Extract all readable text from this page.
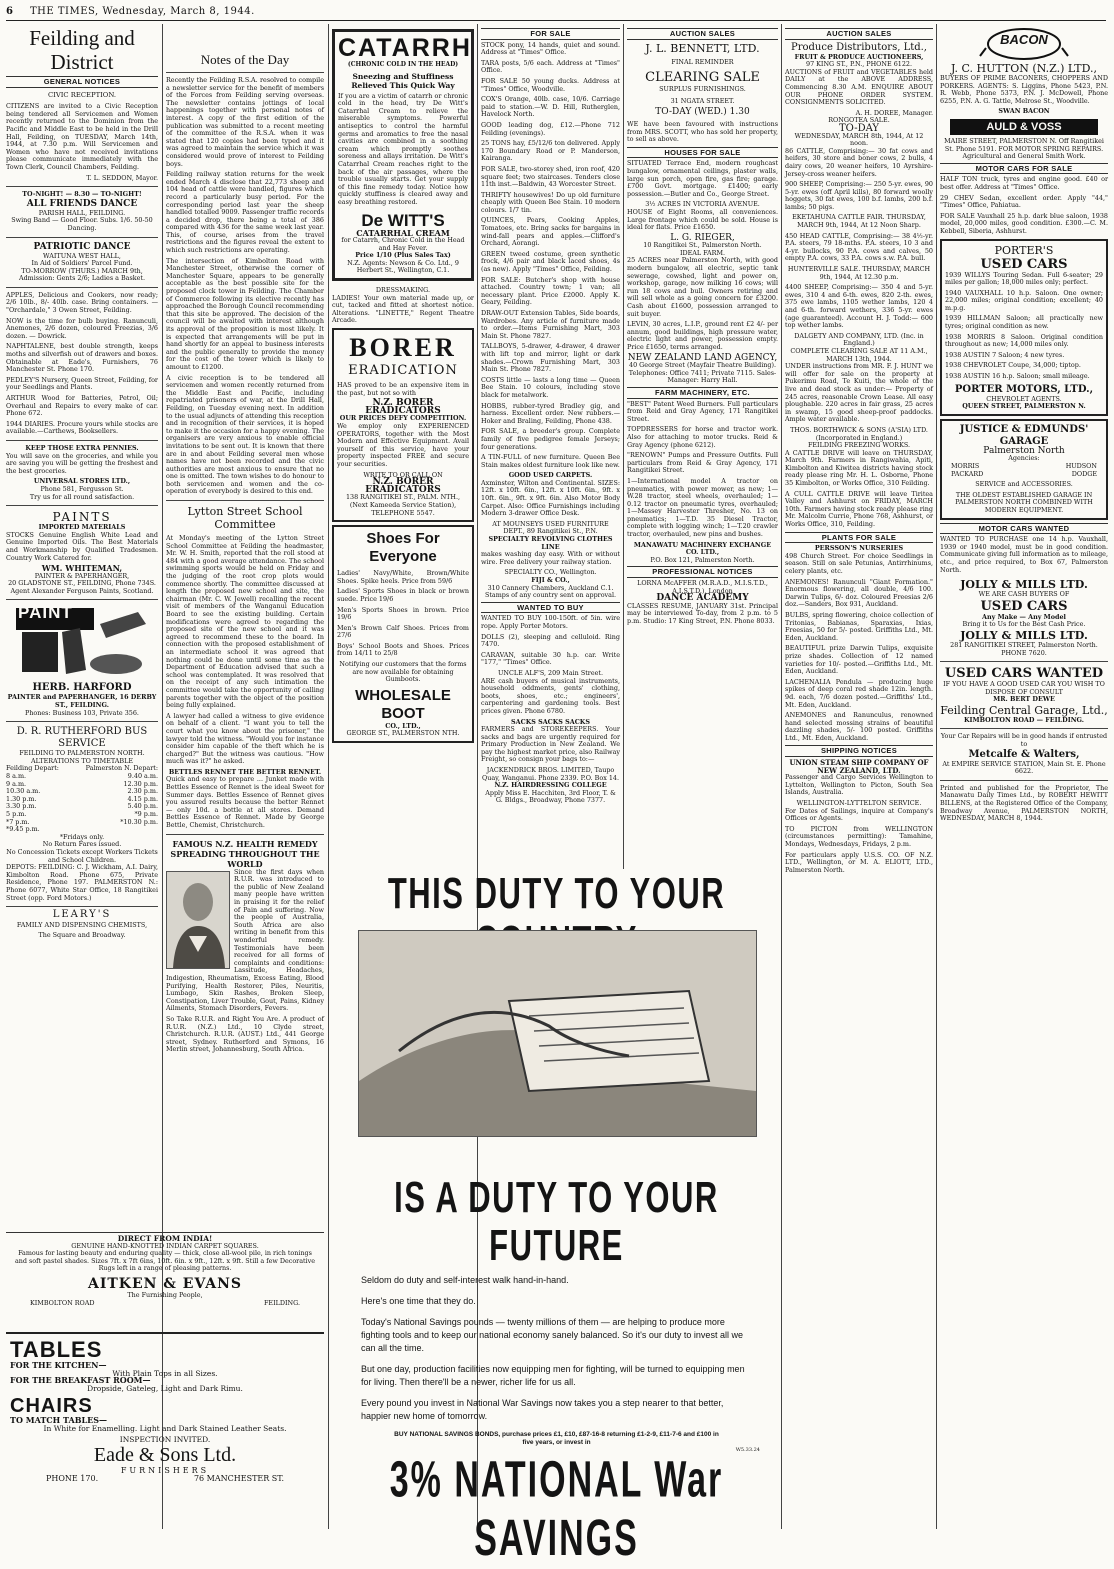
6 THE TIMES, Wednesday, March 8, 1944.
Feilding and District
GENERAL NOTICES
CIVIC RECEPTION.
CITIZENS are invited to a Civic Reception being tendered all Servicemen and Women recently returned to the Dominion from the Pacific and Middle East to be held in the Drill Hall, Feilding, on TUESDAY, March 14th, 1944, at 7.30 p.m. Will Servicemen and Women who have not received invitations please communicate immediately with the Town Clerk, Council Chambers, Feilding.
T. L. SEDDON, Mayor.
TO-NIGHT! — 8.30 — TO-NIGHT!
ALL FRIENDS DANCE
PARISH HALL, FEILDING.
Swing Band — Good Floor. Subs. 1/6. 50-50 Dancing.
PATRIOTIC DANCE
WAITUNA WEST HALL,
In Aid of Soldiers' Parcel Fund.
TO-MORROW (THURS.) MARCH 9th,
Admission: Gents 2/6; Ladies a Basket.
APPLES, Delicious and Cookers, now ready; 2/6 10lb., 8/- 40lb. case. Bring containers. — "Orchardale," 3 Owen Street, Feilding.
NOW is the time for bulb buying. Ranunculi, Anemones, 2/6 dozen, coloured Freezias, 3/6 dozen. — Dowrick.
NAPHTALENE, best double strength, keeps moths and silverfish out of drawers and boxes. Obtainable at Eade's, Furnishers, 76 Manchester St. Phone 170.
PEDLEY'S Nursery, Queen Street, Feilding, for your Seedlings and Plants.
ARTHUR Wood for Batteries, Petrol, Oil; Overhaul and Repairs to every make of car. Phone 672.
1944 DIARIES. Procure yours while stocks are available.—Carthews, Booksellers.
KEEP THOSE EXTRA PENNIES.
You will save on the groceries, and while you are saving you will be getting the freshest and the best groceries.
UNIVERSAL STORES LTD.,
Phone 581, Fergusson St.
Try us for all round satisfaction.
PAINTS
IMPORTED MATERIALS
STOCKS Genuine English White Lead and Genuine Imported Oils. The Best Materials and Workmanship by Qualified Tradesmen. Country Work Catered for.
WM. WHITEMAN,
PAINTER & PAPERHANGER,
20 GLADSTONE ST., FEILDING, Phone 734S.
Agent Alexander Ferguson Paints, Scotland.
PAINT
HERB. HARFORD
PAINTER and PAPERHANGER, 16 DERBY ST., FEILDING.
Phones: Business 103, Private 356.
D. R. RUTHERFORD BUS SERVICE
FEILDING TO PALMERSTON NORTH.
ALTERATIONS TO TIMETABLE
Feilding Depart:	Palmerston N. Depart:
8 a.m.	9.40 a.m.
9 a.m.	12.30 p.m.
10.30 a.m.	2.30 p.m.
1.30 p.m.	4.15 p.m.
3.30 p.m.	5.40 p.m.
5 p.m.	*9 p.m.
*7 p.m.	*10.30 p.m.
*9.45 p.m.	
*Fridays only.
No Return Fares issued.
No Concession Tickets except Workers Tickets and School Children.
DEPOTS: FEILDING: C. J. Wickham, A.I. Dairy, Kimbolton Road. Phone 675, Private Residence, Phone 197. PALMERSTON N.: Phone 6077, White Star Office, 18 Rangitikei Street (opp. Ford Motors.)
LEARY'S
FAMILY AND DISPENSING CHEMISTS,
The Square and Broadway.
Notes of the Day
Recently the Feilding R.S.A. resolved to compile a newsletter service for the benefit of members of the Forces from Feilding serving overseas. The newsletter contains jottings of local happenings together with personal notes of interest. A copy of the first edition of the publication was submitted to a recent meeting of the committee of the R.S.A. when it was stated that 120 copies had been typed and it was agreed to maintain the service which it was considered would prove of interest to Feilding boys.
Feilding railway station returns for the week ended March 4 disclose that 22,773 sheep and 104 head of cattle were handled, figures which record a particularly busy period. For the corresponding period last year the sheep handled totalled 9009. Passenger traffic records a decided drop, there being a total of 386 compared with 436 for the same week last year. This, of course, arises from the travel restrictions and the figures reveal the extent to which such restrictions are operating.
The intersection of Kimbolton Road with Manchester Street, otherwise the corner of Manchester Square, appears to be generally acceptable as the best possible site for the proposed clock tower in Feilding. The Chamber of Commerce following its elective recently has approached the Borough Council recommending that this site be approved. The decision of the council will be awaited with interest although its approval of the proposition is most likely. It is expected that arrangements will be put in hand shortly for an appeal to business interests and the public generally to provide the money for the cost of the tower which is likely to amount to £1200.
A civic reception is to be tendered all servicemen and women recently returned from the Middle East and Pacific, including repatriated prisoners of war, at the Drill Hall, Feilding, on Tuesday evening next. In addition to the usual adjuncts of attending this reception and in recognition of their services, it is hoped to make it the occasion for a happy evening. The organisers are very anxious to enable official invitations to be sent out. It is known that there are in and about Feilding several men whose names have not been recorded and the civic authorities are most anxious to ensure that no one is omitted. The town wishes to do honour to both servicemen and women and the co-operation of everybody is desired to this end.
Lytton Street School Committee
At Monday's meeting of the Lytton Street School Committee at Feilding the headmaster, Mr. W. H. Smith, reported that the roll stood at 484 with a good average attendance. The school swimming sports would be held on Friday and the judging of the root crop plots would commence shortly. The committee discussed at length the proposed new school and site, the chairman (Mr. C. W. Jewell) recalling the recent visit of members of the Wanganui Education Board to see the existing building. Certain modifications were agreed to regarding the proposed site of the new school and it was agreed to recommend these to the board. In connection with the proposed establishment of an intermediate school it was agreed that nothing could be done until some time as the Department of Education advised that such a school was contemplated. It was resolved that on the receipt of any such intimation the committee would take the opportunity of calling parents together with the object of the position being fully explained.
A lawyer had called a witness to give evidence on behalf of a client. "I want you to tell the court what you know about the prisoner," the lawyer told the witness. "Would you for instance consider him capable of the theft which he is charged?" But the witness was cautious. "How much was it?" he asked.
BETTLES RENNET THE BETTER RENNET.
Quick and easy to prepare ... Junket made with Bettles Essence of Rennet is the ideal Sweet for Summer days. Bettles Essence of Rennet gives you assured results because the better Rennet — only 10d. a bottle at all stores. Demand Bettles Essence of Rennet. Made by George Bettle, Chemist, Christchurch.
FAMOUS N.Z. HEALTH REMEDY SPREADING THROUGHOUT THE WORLD
Since the first days when R.U.R. was introduced to the public of New Zealand many people have written in praising it for the relief of Pain and suffering. Now the people of Australia, South Africa are also writing in benefit from this wonderful remedy. Testimonials have been received for all forms of complaints and conditions: Lassitude, Headaches, Indigestion, Rheumatism, Excess Eating, Blood Purifying, Health Restorer, Piles, Neuritis, Lumbago, Skin Rashes, Broken Sleep, Constipation, Liver Trouble, Gout, Pains, Kidney Ailments, Stomach Disorders, Fevers.
So Take R.U.R. and Right You Are. A product of R.U.R. (N.Z.) Ltd., 10 Clyde street, Christchurch. R.U.R. (AUST.) Ltd., 441 George street, Sydney. Rutherford and Symons, 16 Merlin street, Johannesburg, South Africa.
DIRECT FROM INDIA!
GENUINE HAND-KNOTTED INDIAN CARPET SQUARES.
Famous for lasting beauty and enduring quality — thick, close all-wool pile, in rich tonings and soft pastel shades. Sizes 7ft. x 7ft 6ins, 10ft. 6in. x 9ft., 12ft. x 9ft. Still a few Decorative Rugs left in a range of pleasing patterns.
AITKEN & EVANS
The Furnishing People,
KIMBOLTON ROAD	FEILDING.
TABLES
FOR THE KITCHEN—
With Plain Tops in all Sizes.
FOR THE BREAKFAST ROOM—
Dropside, Gateleg, Light and Dark Rimu.
CHAIRS
TO MATCH TABLES—
In White for Enamelling. Light and Dark Stained Leather Seats.
INSPECTION INVITED.
Eade & Sons Ltd.
FURNISHERS
PHONE 170.	76 MANCHESTER ST.
CATARRH
(CHRONIC COLD IN THE HEAD)
Sneezing and Stuffiness Relieved This Quick Way
If you are a victim of catarrh or chronic cold in the head, try De Witt's Catarrhal Cream to relieve the miserable symptoms. Powerful antiseptics to control the harmful germs and aromatics to free the nasal cavities are combined in a soothing cream which promptly soothes soreness and allays irritation. De Witt's Catarrhal Cream reaches right to the back of the air passages, where the trouble usually starts. Get your supply of this fine remedy today. Notice how quickly stuffiness is cleared away and easy breathing restored.
De WITT'S
CATARRHAL CREAM
for Catarrh, Chronic Cold in the Head and Hay Fever.
Price 1/10 (Plus Sales Tax)
N.Z. Agents: Newson & Co. Ltd., 9 Herbert St., Wellington, C.1.
DRESSMAKING.
LADIES! Your own material made up, or cut, tacked and fitted at shortest notice. Alterations. "LINETTE," Regent Theatre Arcade.
BORER
ERADICATION
HAS proved to be an expensive item in the past, but not so with
N.Z. BORER ERADICATORS
OUR PRICES DEFY COMPETITION.
We employ only EXPERIENCED OPERATORS, together with the Most Modern and Effective Equipment. Avail yourself of this service, have your property inspected FREE and secure your securities.
WRITE TO OR CALL ON
N.Z. BORER ERADICATORS
138 RANGITIKEI ST., PALM. NTH., (Next Kameeda Service Station), TELEPHONE 5547.
Shoes For Everyone
Ladies' Navy/White, Brown/White Shoes. Spike heels. Price from 59/6
Ladies' Sports Shoes in black or brown suede. Price 19/6
Men's Sports Shoes in brown. Price 19/6
Men's Brown Calf Shoes. Prices from 27/6
Boys' School Boots and Shoes. Prices from 14/11 to 25/8
Notifying our customers that the forms are now available for obtaining Gumboots.
WHOLESALE BOOT
CO., LTD.,
GEORGE ST., PALMERSTON NTH.
FOR SALE
STOCK pony, 14 hands, quiet and sound. Address at "Times" Office.
TARA posts, 5/6 each. Address at "Times" Office.
FOR SALE 50 young ducks. Address at "Times" Office, Woodville.
COX'S Orange, 40lb. case, 10/6. Carriage paid to station.—W. D. Hill, Rutherglen, Havelock North.
GOOD leading dog, £12.—Phone 712 Feilding (evenings).
25 TONS hay, £5/12/6 ton delivered. Apply 170 Boundary Road or P. Manderson, Kairanga.
FOR SALE, two-storey shed, iron roof, 420 square feet; two staircases. Tenders close 11th inst.—Baldwin, 43 Worcester Street.
THRIFTY housewives! Do up old furniture cheaply with Queen Bee Stain. 10 modern colours. 1/7 tin.
QUINCES, Pears, Cooking Apples, Tomatoes, etc. Bring sacks for bargains in wind-fall pears and apples.—Clifford's Orchard, Aorangi.
GREEN tweed costume, green synthetic frock, 4/6 pair and black laced shoes, 4s (as new). Apply "Times" Office, Feilding.
FOR SALE: Butcher's shop with house attached. Country town; 1 van; all necessary plant. Price £2000. Apply K. Geary, Feilding.
DRAW-OUT Extension Tables, Side boards, Wardrobes. Any article of furniture made to order.—Items Furnishing Mart, 303 Main St. Phone 7827.
TALLBOYS, 5-drawer, 4-drawer, 4 drawer with lift top and mirror, light or dark shades.—Crown Furnishing Mart, 303 Main St. Phone 7827.
COSTS little — lasts a long time — Queen Bee Stain. 10 colours, including stove black for metalwork.
HOBBS, rubber-tyred Bradley gig, and harness. Excellent order. New rubbers.—Hoker and Braling, Feilding, Phone 438.
FOR SALE, a breeder's group. Complete family of five pedigree female Jerseys; four generations.
A TIN-FULL of new furniture. Queen Bee Stain makes oldest furniture look like new.
GOOD USED CARPETS.
Axminster, Wilton and Continental. SIZES: 12ft. x 10ft. 6in., 12ft. x 10ft. 6in., 9ft. x 10ft. 6in., 9ft. x 9ft. 6in. Also Motor Body Carpet. Also: Office Furnishings including Modern 3-drawer Office Desk.
AT MOUNSEYS USED FURNITURE DEPT., 89 Rangitikei St., P.N.
SPECIALTY REVOLVING CLOTHES LINE
makes washing day easy. With or without wire. Free delivery your railway station.
SPECIALTY CO., Wellington.
FIJI & CO.,
310 Cannery Chambers, Auckland C.1.
Stamps of any country sent on approval.
WANTED TO BUY
WANTED TO BUY 100-150ft. of 5in. wire rope. Apply Porter Motors.
DOLLS (2), sleeping and celluloid. Ring 7470.
CARAVAN, suitable 30 h.p. car. Write "177," "Times" Office.
UNCLE ALF'S, 209 Main Street.
ARE cash buyers of musical instruments, household oddments, gents' clothing, boots, shoes, etc.; engineers', carpentering and gardening tools. Best prices given. Phone 6780.
SACKS SACKS SACKS
FARMERS and STOREKEEPERS. Your sacks and bags are urgently required for Primary Production in New Zealand. We pay the highest market price, also Railway Freight, so consign your bags to:—
JACKENDRICK BROS. LIMITED, Taupo Quay, Wanganui. Phone 2339. P.O. Box 14.
N.Z. HAIRDRESSING COLLEGE
Apply Miss E. Hacchiten, 3rd Floor, T. & G. Bldgs., Broadway, Phone 7377.
AUCTION SALES
J. L. BENNETT, LTD.
FINAL REMINDER
CLEARING SALE
SURPLUS FURNISHINGS.
31 NGATA STREET.
TO-DAY (WED.) 1.30
WE have been favoured with instructions from MRS. SCOTT, who has sold her property, to sell as above.
HOUSES FOR SALE
SITUATED Terrace End, modern roughcast bungalow, ornamental ceilings, plaster walls, large sun porch, open fire, gas fire; garage. £700 Govt. mortgage. £1400; early possession.—Butler and Co., George Street.
3½ ACRES IN VICTORIA AVENUE.
HOUSE of Eight Rooms, all conveniences. Large frontage which could be sold. House is ideal for flats. Price £1650.
L. G. RIEGER,
10 Rangitikei St., Palmerston North.
IDEAL FARM.
25 ACRES near Palmerston North, with good modern bungalow, all electric, septic tank sewerage, cowshed, light and power on, workshop, garage, now milking 16 cows; will run 18 cows and bull. Owners retiring and will sell whole as a going concern for £3200. Cash about £1600, possession arranged to suit buyer.
LEVIN, 30 acres, L.I.P., ground rent £2 4/- per annum, good buildings, high pressure water, electric light and power, possession empty. Price £1650, terms arranged.
NEW ZEALAND LAND AGENCY,
40 George Street (Mayfair Theatre Building). Telephones: Office 7411; Private 7115. Sales-Manager: Harry Hall.
FARM MACHINERY, ETC.
"BEST" Patent Weed Burners. Full particulars from Reid and Gray Agency, 171 Rangitikei Street.
TOPDRESSERS for horse and tractor work. Also for attaching to motor trucks. Reid & Gray Agency (phone 6212).
"RENOWN" Pumps and Pressure Outfits. Full particulars from Reid & Gray Agency, 171 Rangitikei Street.
1—International model A tractor on pneumatics, with power mower, as new; 1—W.28 tractor, steel wheels, overhauled; 1—0.12 tractor on pneumatic tyres, overhauled; 1—Massey Harvester Thresher, No. 13 on pneumatics; 1—T.D. 35 Diesel Tractor, complete with logging winch; 1—T.20 crawler tractor, overhauled, new pins and bushes.
MANAWATU MACHINERY EXCHANGE CO. LTD.,
P.O. Box 121, Palmerston North.
PROFESSIONAL NOTICES
LORNA McAFFER (M.R.A.D., M.I.S.T.D., A.I.S.T.D.), London
DANCE ACADEMY
CLASSES RESUME, JANUARY 31st. Principal may be interviewed To-day, from 2 p.m. to 5 p.m. Studio: 17 King Street, P.N. Phone 8033.
AUCTION SALES
Produce Distributors, Ltd.,
FRUIT & PRODUCE AUCTIONEERS,
97 KING ST., P.N., PHONE 6122.
AUCTIONS of FRUIT and VEGETABLES held DAILY at the ABOVE ADDRESS, Commencing 8.30 A.M. ENQUIRE ABOUT OUR PHONE ORDER SYSTEM. CONSIGNMENTS SOLICITED.
A. H. DOREE, Manager.
RONGOTEA SALE.
TO-DAY
WEDNESDAY, MARCH 8th, 1944, At 12 noon.
86 CATTLE, Comprising:— 30 fat cows and heifers, 30 store and boner cows, 2 bulls, 4 dairy cows, 20 weaner heifers, 10 Ayrshire-Jersey-cross weaner heifers.
900 SHEEP, Comprising:— 250 5-yr. ewes, 90 5-yr. ewes (off April kills), 80 forward woolly hoggets, 30 fat ewes, 100 b.f. lambs, 200 b.f. lambs; 50 pigs.
EKETAHUNA CATTLE FAIR. THURSDAY, MARCH 9th, 1944, At 12 Noon Sharp.
450 HEAD CATTLE, Comprising:— 38 4½-yr. P.A. steers, 79 18-mths. P.A. steers, 10 3 and 4-yr. bullocks, 90 P.A. cows and calves, 50 empty P.A. cows, 33 P.A. cows s.w. P.A. bull.
HUNTERVILLE SALE. THURSDAY, MARCH 9th, 1944, At 12.30 p.m.
4400 SHEEP, Comprising:— 350 4 and 5-yr. ewes, 310 4 and 6-th. ewes, 820 2-th. ewes, 375 ewe lambs, 1105 wether lambs, 120 4 and 6-th. forward wethers, 336 5-yr. ewes (age guaranteed). Account H. J. Todd:— 600 top wether lambs.
DALGETY AND COMPANY, LTD. (Inc. in England.)
COMPLETE CLEARING SALE AT 11 A.M., MARCH 13th, 1944.
UNDER instructions from MR. F. J. HUNT we will offer for sale on the property at Pukerimu Road, Te Kuiti, the whole of the live and dead stock as under:— Property of 245 acres, reasonable Crown Lease. All easy ploughable. 220 acres in fair grass, 25 acres in swamp, 15 good sheep-proof paddocks. Ample water available.
THOS. BORTHWICK & SONS (A'SIA) LTD. (Incorporated in England.)
FEILDING FREEZING WORKS.
A CATTLE DRIVE will leave on THURSDAY, March 9th. Farmers in Rangiwahia, Apiti, Kimbolton and Kiwitea districts having stock ready please ring Mr. H. L. Osborne, Phone 35 Kimbolton, or Works Office, 310 Feilding.
A CULL CATTLE DRIVE will leave Tiritea Valley and Ashhurst on FRIDAY, MARCH 10th. Farmers having stock ready please ring Mr. Malcolm Currie, Phone 768, Ashhurst, or Works Office, 310, Feilding.
PLANTS FOR SALE
PERSSON'S NURSERIES
498 Church Street. For choice Seedlings in season. Still on sale Petunias, Antirrhinums, celery plants, etc.
ANEMONES! Ranunculi "Giant Formation." Enormous flowering, all double, 4/6 100. Darwin Tulips, 6/- doz. Coloured Freesias 2/6 doz.—Sanders, Box 931, Auckland.
BULBS, spring flowering, choice collection of Tritonias, Babianas, Sparaxias, Ixias, Freesias, 50 for 5/- posted. Griffiths Ltd., Mt. Eden, Auckland.
BEAUTIFUL prize Darwin Tulips, exquisite prize shades. Collection of 12 named varieties for 10/- posted.—Griffiths Ltd., Mt. Eden, Auckland.
LACHENALIA Pendula — producing huge spikes of deep coral red shade 12in. length. 9d. each, 7/6 dozen posted.—Griffiths' Ltd., Mt. Eden, Auckland.
ANEMONES and Ranunculus, renowned hand selected mossing strains of beautiful dazzling shades, 5/- 100 posted. Griffiths Ltd., Mt. Eden, Auckland.
SHIPPING NOTICES
UNION STEAM SHIP COMPANY OF NEW ZEALAND, LTD.
Passenger and Cargo Services Wellington to Lyttelton, Wellington to Picton, South Sea Islands, Australia.
WELLINGTON-LYTTELTON SERVICE.
For Dates of Sailings, inquire at Company's Offices or Agents.
TO PICTON from WELLINGTON (circumstances permitting): Tamahine, Mondays, Wednesdays, Fridays, 2 p.m.
For particulars apply U.S.S. CO. OF N.Z. LTD., Wellington, or M. A. ELIOTT, LTD., Palmerston North.
BACON
J. C. HUTTON (N.Z.) LTD.,
BUYERS OF PRIME BACONERS, CHOPPERS AND PORKERS. AGENTS: S. Liggins, Phone 5423, P.N. R. Webb, Phone 5373, P.N. J. McDowell, Phone 6255, P.N. A. G. Tattle, Melrose St., Woodville.
SWAN BACON
AULD & VOSS
MAIRE STREET, PALMERSTON N. Off Rangitikei St. Phone 5191. FOR MOTOR SPRING REPAIRS. Agricultural and General Smith Work.
MOTOR CARS FOR SALE
HALF TON truck, tyres and engine good. £40 or best offer. Address at "Times" Office.
29 CHEV Sedan, excellent order. Apply "44," "Times" Office, Pahiatua.
FOR SALE Vauxhall 25 h.p. dark blue saloon, 1938 model, 20,000 miles, good condition. £300.—C. M. Kebbell, Siberia, Ashhurst.
PORTER'S
USED CARS
1939 WILLYS Touring Sedan. Full 6-seater; 29 miles per gallon; 18,000 miles only; perfect.
1940 VAUXHALL 10 h.p. Saloon. One owner; 22,000 miles; original condition; excellent; 40 m.p.g.
1939 HILLMAN Saloon; all practically new tyres; original condition as new.
1938 MORRIS 8 Saloon. Original condition throughout as new; 14,000 miles only.
1938 AUSTIN 7 Saloon; 4 new tyres.
1938 CHEVROLET Coupe, 34,000; tiptop.
1938 AUSTIN 16 h.p. Saloon; small mileage.
PORTER MOTORS, LTD.,
CHEVROLET AGENTS.
QUEEN STREET, PALMERSTON N.
JUSTICE & EDMUNDS' GARAGE
Palmerston North
Agencies:
MORRIS	HUDSON
PACKARD	DODGE
SERVICE and ACCESSORIES.
THE OLDEST ESTABLISHED GARAGE IN PALMERSTON NORTH COMBINED WITH MODERN EQUIPMENT.
MOTOR CARS WANTED
WANTED TO PURCHASE one 14 h.p. Vauxhall, 1939 or 1940 model, must be in good condition. Communicate giving full information as to mileage, etc., and price required, to Box 67, Palmerston North.
JOLLY & MILLS LTD.
WE ARE CASH BUYERS OF
USED CARS
Any Make — Any Model
Bring it to Us for the Best Cash Price.
JOLLY & MILLS LTD.
281 RANGITIKEI STREET, Palmerston North.
PHONE 7620.
USED CARS WANTED
IF YOU HAVE A GOOD USED CAR YOU WISH TO DISPOSE OF CONSULT
MR. BERT DEWE
Feilding Central Garage, Ltd.,
KIMBOLTON ROAD — FEILDING.
Your Car Repairs will be in good hands if entrusted to
Metcalfe & Walters,
At EMPIRE SERVICE STATION, Main St. E. Phone 6622.
Printed and published for the Proprietor, The Manawatu Daily Times Ltd., by ROBERT HEWITT BILLENS, at the Registered Office of the Company, Broadway Avenue, PALMERSTON NORTH, WEDNESDAY, MARCH 8, 1944.
THIS DUTY TO YOUR
IS A DUTY TO YOUR FUTURE

Seldom do duty and self-interest walk hand-in-hand.

Here's one time that they do.

Today's National Savings pounds — twenty millions of them — are helping to produce more fighting tools and to keep our national economy sanely balanced. So it's our duty to invest all we can all the time.

But one day, production facilities now equipping men for fighting, will be turned to equipping men for living. Then there'll be a newer, richer life for us all.

Every pound you invest in National War Savings now takes you a step nearer to that better, happier new home of tomorrow.

BUY NATIONAL SAVINGS BONDS, purchase prices £1, £10, £87-16-8 returning £1-2-9, £11-7-6 and £100 in five years, or invest in
W5.33.24
3% NATIONAL War SAVINGS
